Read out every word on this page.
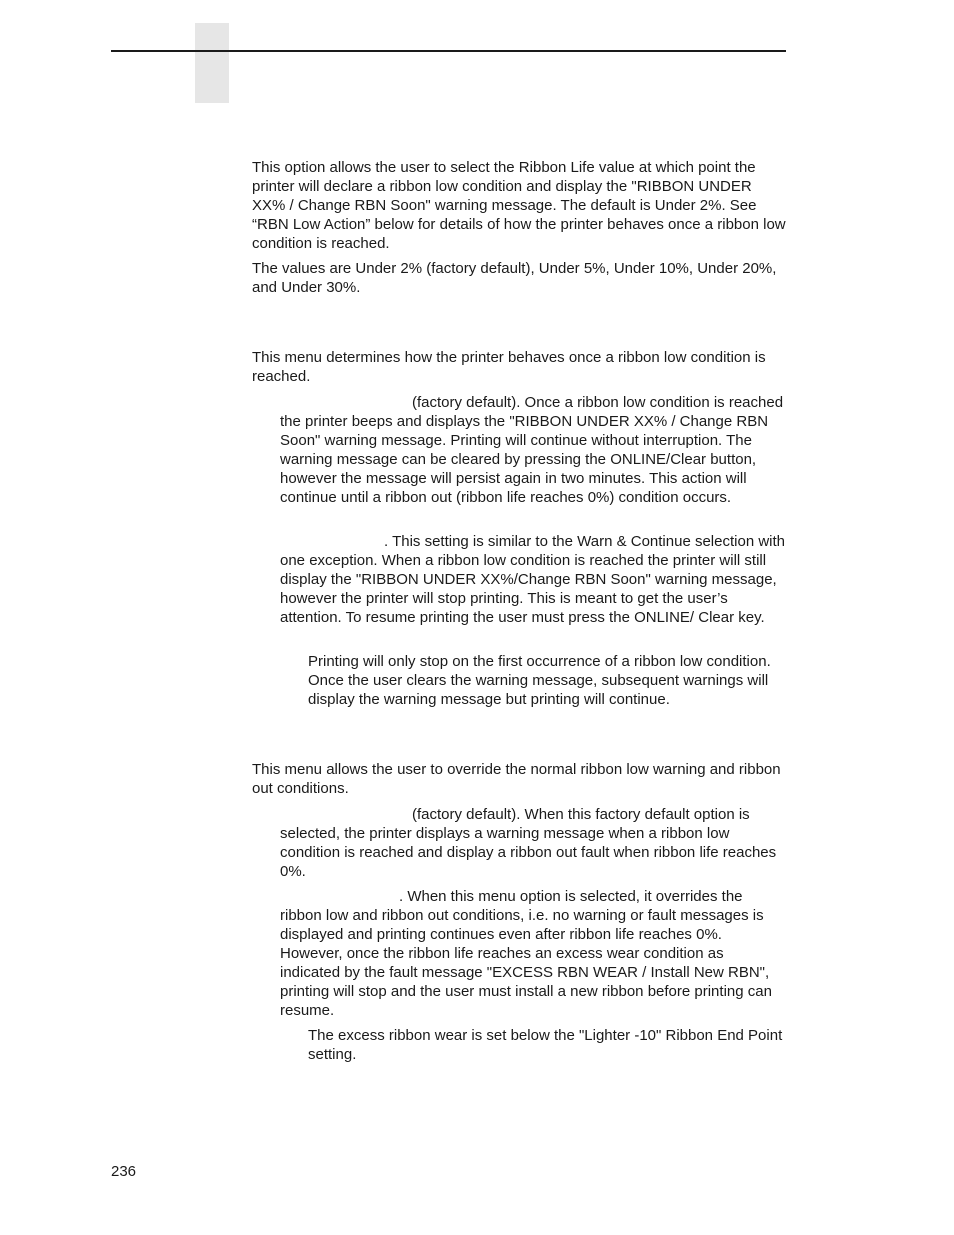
This option allows the user to select the Ribbon Life value at which point the printer will declare a ribbon low condition and display the "RIBBON UNDER XX% / Change RBN Soon" warning message. The default is Under 2%. See “RBN Low Action” below for details of how the printer behaves once a ribbon low condition is reached.

The values are Under 2% (factory default), Under 5%, Under 10%, Under 20%, and Under 30%.

This menu determines how the printer behaves once a ribbon low condition is reached.

(factory default). Once a ribbon low condition is reached the printer beeps and displays the "RIBBON UNDER XX% / Change RBN Soon" warning message. Printing will continue without interruption. The warning message can be cleared by pressing the ONLINE/Clear button, however the message will persist again in two minutes. This action will continue until a ribbon out (ribbon life reaches 0%) condition occurs.

. This setting is similar to the Warn & Continue selection with one exception. When a ribbon low condition is reached the printer will still display the "RIBBON UNDER XX%/Change RBN Soon" warning message, however the printer will stop printing. This is meant to get the user’s attention. To resume printing the user must press the ONLINE/ Clear key.

Printing will only stop on the first occurrence of a ribbon low condition. Once the user clears the warning message, subsequent warnings will display the warning message but printing will continue.

This menu allows the user to override the normal ribbon low warning and ribbon out conditions.

(factory default). When this factory default option is selected, the printer displays a warning message when a ribbon low condition is reached and display a ribbon out fault when ribbon life reaches 0%.

. When this menu option is selected, it overrides the ribbon low and ribbon out conditions, i.e. no warning or fault messages is displayed and printing continues even after ribbon life reaches 0%. However, once the ribbon life reaches an excess wear condition as indicated by the fault message "EXCESS RBN WEAR / Install New RBN", printing will stop and the user must install a new ribbon before printing can resume.

The excess ribbon wear is set below the "Lighter -10" Ribbon End Point setting.

236
